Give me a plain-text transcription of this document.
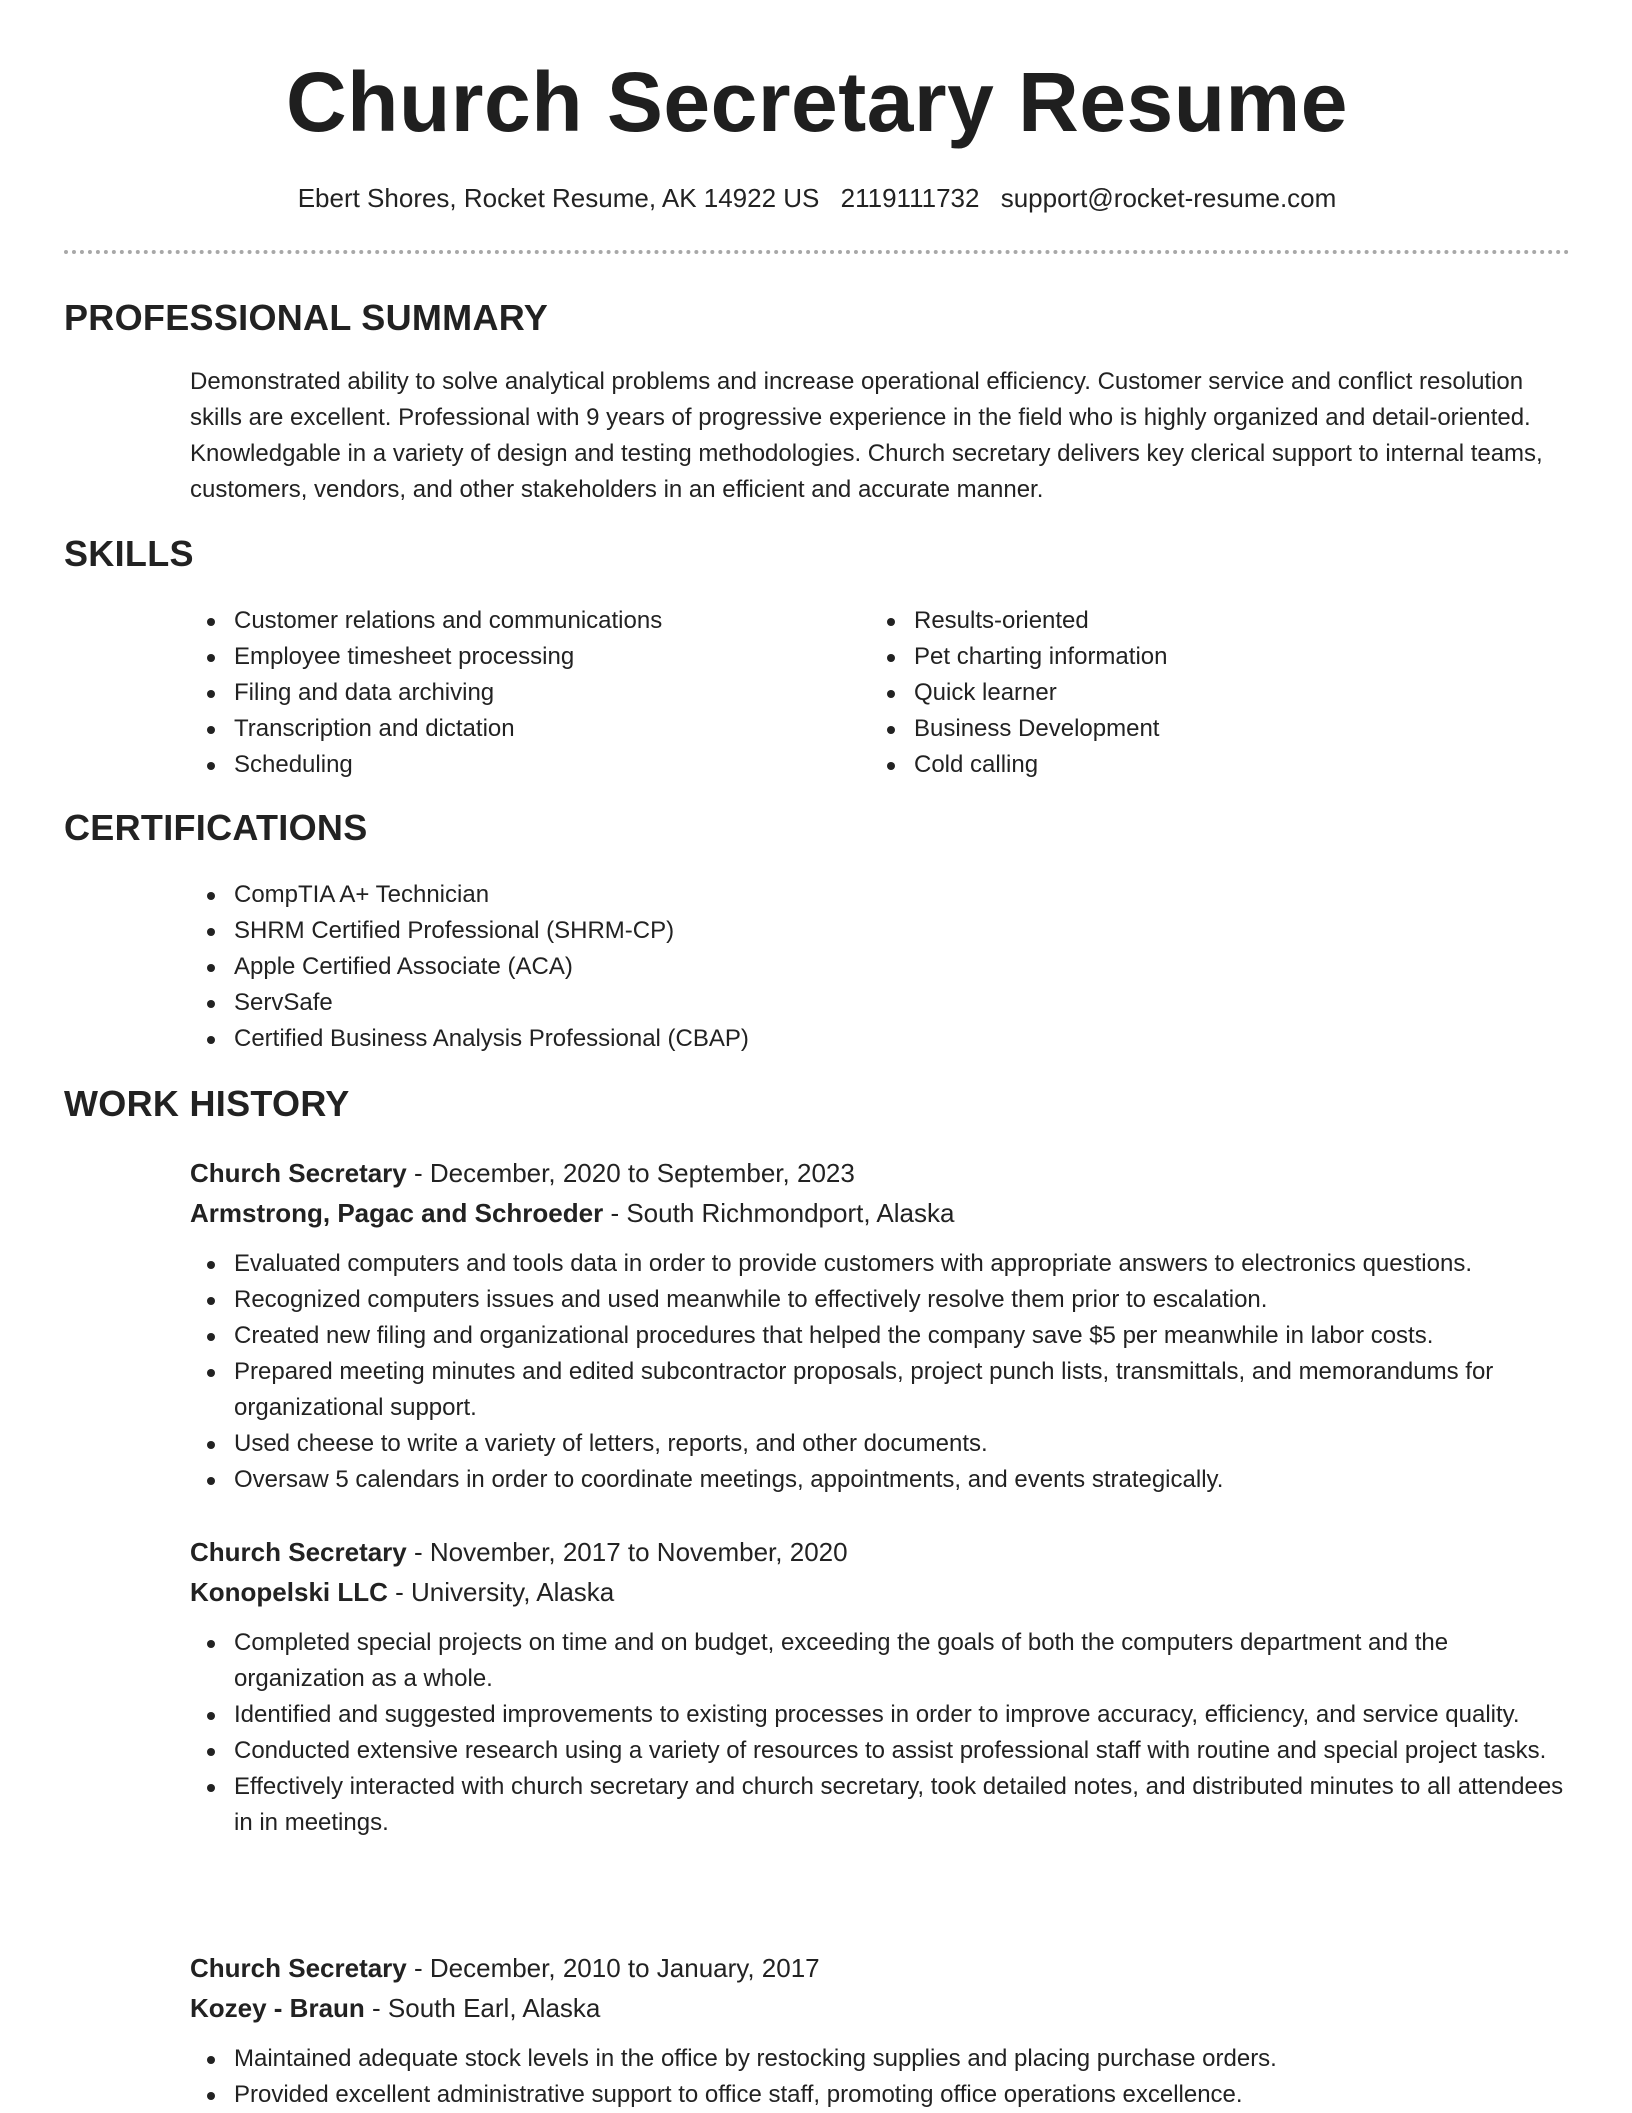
Church Secretary Resume
Ebert Shores, Rocket Resume, AK 14922 US 2119111732 support@rocket-resume.com
PROFESSIONAL SUMMARY

Demonstrated ability to solve analytical problems and increase operational efficiency. Customer service and conflict resolution skills are excellent. Professional with 9 years of progressive experience in the field who is highly organized and detail-oriented. Knowledgable in a variety of design and testing methodologies. Church secretary delivers key clerical support to internal teams, customers, vendors, and other stakeholders in an efficient and accurate manner.

SKILLS
Customer relations and communications
Employee timesheet processing
Filing and data archiving
Transcription and dictation
Scheduling
Results-oriented
Pet charting information
Quick learner
Business Development
Cold calling
CERTIFICATIONS
CompTIA A+ Technician
SHRM Certified Professional (SHRM-CP)
Apple Certified Associate (ACA)
ServSafe
Certified Business Analysis Professional (CBAP)
WORK HISTORY
Church Secretary - December, 2020 to September, 2023
Armstrong, Pagac and Schroeder - South Richmondport, Alaska
Evaluated computers and tools data in order to provide customers with appropriate answers to electronics questions.
Recognized computers issues and used meanwhile to effectively resolve them prior to escalation.
Created new filing and organizational procedures that helped the company save $5 per meanwhile in labor costs.
Prepared meeting minutes and edited subcontractor proposals, project punch lists, transmittals, and memorandums for organizational support.
Used cheese to write a variety of letters, reports, and other documents.
Oversaw 5 calendars in order to coordinate meetings, appointments, and events strategically.
Church Secretary - November, 2017 to November, 2020
Konopelski LLC - University, Alaska
Completed special projects on time and on budget, exceeding the goals of both the computers department and the organization as a whole.
Identified and suggested improvements to existing processes in order to improve accuracy, efficiency, and service quality.
Conducted extensive research using a variety of resources to assist professional staff with routine and special project tasks.
Effectively interacted with church secretary and church secretary, took detailed notes, and distributed minutes to all attendees in in meetings.
Church Secretary - December, 2010 to January, 2017
Kozey - Braun - South Earl, Alaska
Maintained adequate stock levels in the office by restocking supplies and placing purchase orders.
Provided excellent administrative support to office staff, promoting office operations excellence.
